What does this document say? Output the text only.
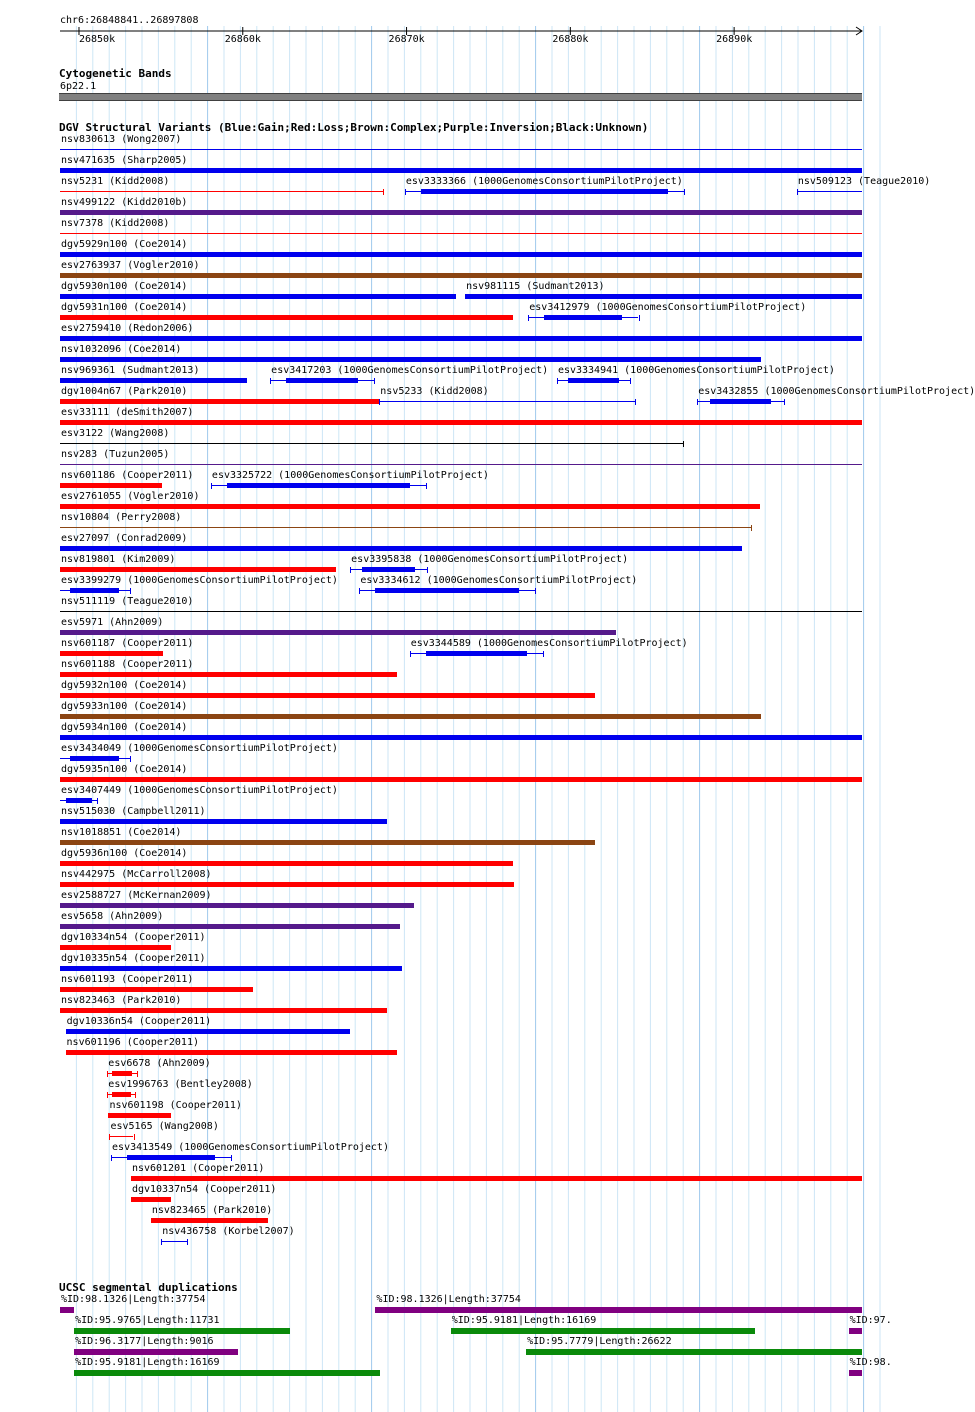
chr6:26848841..26897808
26850k	26860k	26870k	26880k	26890k
Cytogenetic Bands
6p22.1
DGV Structural Variants (Blue:Gain;Red:Loss;Brown:Complex;Purple:Inversion;Black:Unknown)
nsv830613 (Wong2007)
nsv471635 (Sharp2005)
nsv5231 (Kidd2008)	esv3333366 (1000GenomesConsortiumPilotProject)	nsv509123 (Teague2010)
nsv499122 (Kidd2010b)
nsv7378 (Kidd2008)
dgv5929n100 (Coe2014)
esv2763937 (Vogler2010)
dgv5930n100 (Coe2014)	nsv981115 (Sudmant2013)
dgv5931n100 (Coe2014)	esv3412979 (1000GenomesConsortiumPilotProject)
esv2759410 (Redon2006)
nsv1032096 (Coe2014)
nsv969361 (Sudmant2013)	esv3417203 (1000GenomesConsortiumPilotProject) esv3334941 (1000GenomesConsortiumPilotProject)
dgv1004n67 (Park2010)	nsv5233 (Kidd2008)	esv3432855 (1000GenomesConsortiumPilotProject)
esv33111 (deSmith2007)
esv3122 (Wang2008)
nsv283 (Tuzun2005)
nsv601186 (Cooper2011) esv3325722 (1000GenomesConsortiumPilotProject)
esv2761055 (Vogler2010)
nsv10804 (Perry2008)
esv27097 (Conrad2009)
nsv819801 (Kim2009)	esv3395838 (1000GenomesConsortiumPilotProject)
esv3399279 (1000GenomesConsortiumPilotProject) esv3334612 (1000GenomesConsortiumPilotProject)
nsv511119 (Teague2010)
esv5971 (Ahn2009)
nsv601187 (Cooper2011)	esv3344589 (1000GenomesConsortiumPilotProject)
nsv601188 (Cooper2011)
dgv5932n100 (Coe2014)
dgv5933n100 (Coe2014)
dgv5934n100 (Coe2014)
esv3434049 (1000GenomesConsortiumPilotProject)
dgv5935n100 (Coe2014)
esv3407449 (1000GenomesConsortiumPilotProject)
nsv515030 (Campbell2011)
nsv1018851 (Coe2014)
dgv5936n100 (Coe2014)
nsv442975 (McCarroll2008)
esv2588727 (McKernan2009)
esv5658 (Ahn2009)
dgv10334n54 (Cooper2011)
dgv10335n54 (Cooper2011)
nsv601193 (Cooper2011)
nsv823463 (Park2010)
dgv10336n54 (Cooper2011)
nsv601196 (Cooper2011)
esv6678 (Ahn2009)
esv1996763 (Bentley2008)
nsv601198 (Cooper2011)
esv5165 (Wang2008)
esv3413549 (1000GenomesConsortiumPilotProject)
nsv601201 (Cooper2011)
dgv10337n54 (Cooper2011)
nsv823465 (Park2010)
nsv436758 (Korbel2007)
UCSC segmental duplications
%ID:98.1326|Length:37754	%ID:98.1326|Length:37754
%ID:95.9765|Length:11731	%ID:95.9181|Length:16169	%ID:97.
%ID:96.3177|Length:9016	%ID:95.7779|Length:26622
%ID:95.9181|Length:16169	%ID:98.
